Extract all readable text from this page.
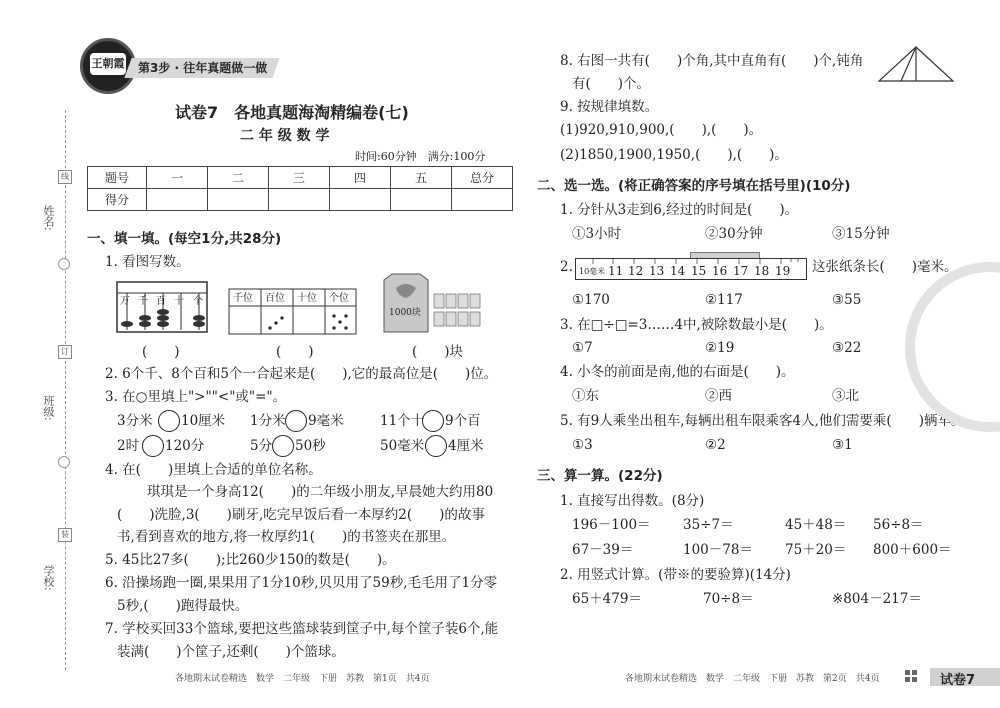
线
订
装
姓名:
班级:
学校:
王朝霞 第3步 · 往年真题做一做
试卷7　各地真题海淘精编卷(七)
二 年 级 数 学
时间:60分钟　满分:100分
题号	一	二	三	四	五	总分
得分						
一、填一填。(每空1分,共28分)
1. 看图写数。
万 千 百 十 个	千位 百位 十位 个位
1000块
(　　)	(　　)	(　　)块
2. 6个千、8个百和5个一合起来是(　　),它的最高位是(　　)位。
3. 在○里填上">""<"或"="。
3分米 10厘米 1分米 9毫米	11个十 9个百
2时 120分	5分 50秒	50毫米 4厘米
4. 在(　　)里填上合适的单位名称。
琪琪是一个身高12(　　)的二年级小朋友,早晨她大约用80
(　　)洗脸,3(　　)刷牙,吃完早饭后看一本厚约2(　　)的故事
书,看到喜欢的地方,将一枚厚约1(　　)的书签夹在那里。
5. 45比27多(　　);比260少150的数是(　　)。
6. 沿操场跑一圈,果果用了1分10秒,贝贝用了59秒,毛毛用了1分零
5秒,(　　)跑得最快。
7. 学校买回33个篮球,要把这些篮球装到筐子中,每个筐子装6个,能
装满(　　)个筐子,还剩(　　)个篮球。
各地期末试卷精选　数学　二年级　下册　苏教　第1页　共4页
8. 右图一共有(　　)个角,其中直角有(　　)个,钝角
有(　　)个。
9. 按规律填数。
(1)920,910,900,(　　),(　　)。
(2)1850,1900,1950,(　　),(　　)。
二、选一选。(将正确答案的序号填在括号里)(10分)
1. 分针从3走到6,经过的时间是(　　)。
①3小时	②30分钟	③15分钟
2. 10毫米 11 12 13 14 15 16 17 18 19 这张纸条长(　　)毫米。
①170	②117	③55
3. 在□÷□=3……4中,被除数最小是(　　)。
①7	②19	③22
4. 小冬的前面是南,他的右面是(　　)。
①东	②西	③北
5. 有9人乘坐出租车,每辆出租车限乘客4人,他们需要乘(　　)辆车。
①3	②2	③1
三、算一算。(22分)
1. 直接写出得数。(8分)
196－100＝ 35÷7＝	45＋48＝ 56÷8＝
67－39＝	100－78＝ 75＋20＝ 800＋600＝
2. 用竖式计算。(带※的要验算)(14分)
65＋479＝	70÷8＝	※804－217＝
各地期末试卷精选　数学　二年级　下册　苏教　第2页　共4页	试卷7
